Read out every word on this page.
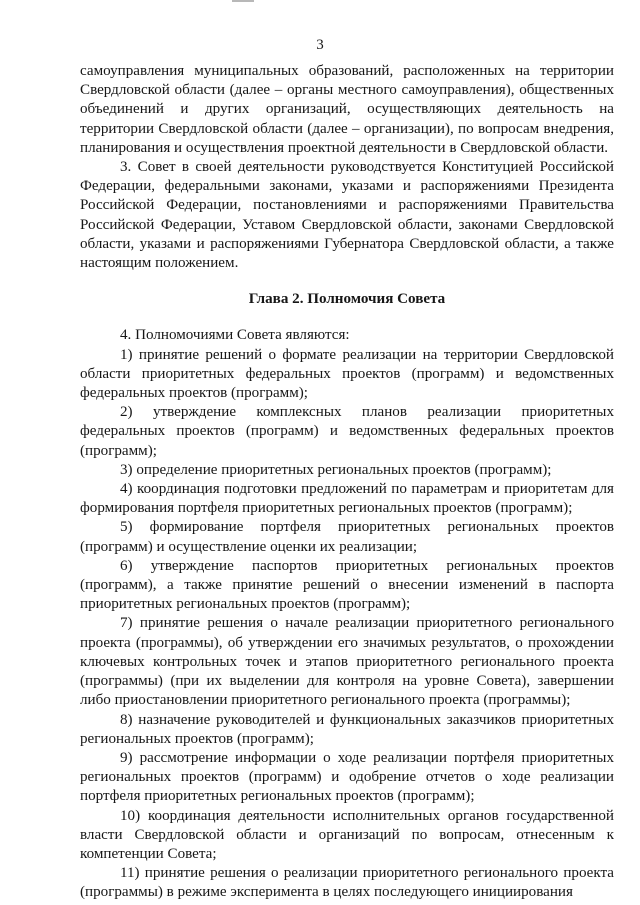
3

самоуправления муниципальных образований, расположенных на территории Свердловской области (далее – органы местного самоуправления), общественных объединений и других организаций, осуществляющих деятельность на территории Свердловской области (далее – организации), по вопросам внедрения, планирования и осуществления проектной деятельности в Свердловской области.

3. Совет в своей деятельности руководствуется Конституцией Российской Федерации, федеральными законами, указами и распоряжениями Президента Российской Федерации, постановлениями и распоряжениями Правительства Российской Федерации, Уставом Свердловской области, законами Свердловской области, указами и распоряжениями Губернатора Свердловской области, а также настоящим положением.

Глава 2. Полномочия Совета

4. Полномочиями Совета являются:

1) принятие решений о формате реализации на территории Свердловской области приоритетных федеральных проектов (программ) и ведомственных федеральных проектов (программ);

2) утверждение комплексных планов реализации приоритетных федеральных проектов (программ) и ведомственных федеральных проектов (программ);

3) определение приоритетных региональных проектов (программ);

4) координация подготовки предложений по параметрам и приоритетам для формирования портфеля приоритетных региональных проектов (программ);

5) формирование портфеля приоритетных региональных проектов (программ) и осуществление оценки их реализации;

6) утверждение паспортов приоритетных региональных проектов (программ), а также принятие решений о внесении изменений в паспорта приоритетных региональных проектов (программ);

7) принятие решения о начале реализации приоритетного регионального проекта (программы), об утверждении его значимых результатов, о прохождении ключевых контрольных точек и этапов приоритетного регионального проекта (программы) (при их выделении для контроля на уровне Совета), завершении либо приостановлении приоритетного регионального проекта (программы);

8) назначение руководителей и функциональных заказчиков приоритетных региональных проектов (программ);

9) рассмотрение информации о ходе реализации портфеля приоритетных региональных проектов (программ) и одобрение отчетов о ходе реализации портфеля приоритетных региональных проектов (программ);

10) координация деятельности исполнительных органов государственной власти Свердловской области и организаций по вопросам, отнесенным к компетенции Совета;

11) принятие решения о реализации приоритетного регионального проекта (программы) в режиме эксперимента в целях последующего инициирования
